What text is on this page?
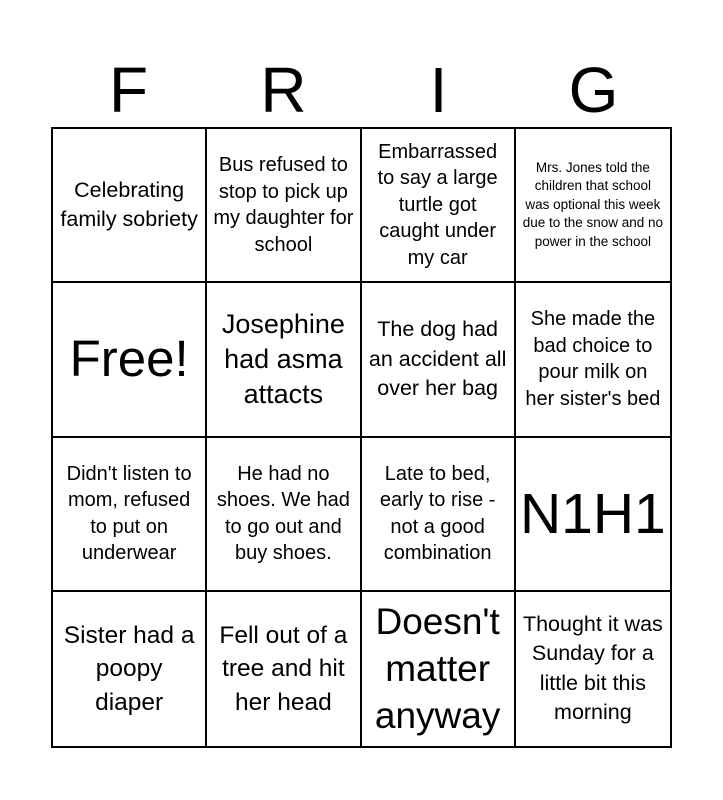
F	R	I	G
Celebrating family sobriety
Bus refused to stop to pick up my daughter for school
Embarrassed to say a large turtle got caught under my car
Mrs. Jones told the children that school was optional this week due to the snow and no power in the school
Free!
Josephine had asma attacts
The dog had an accident all over her bag
She made the bad choice to pour milk on her sister's bed
Didn't listen to mom, refused to put on underwear
He had no shoes. We had to go out and buy shoes.
Late to bed, early to rise - not a good combination
N1H1
Sister had a poopy diaper
Fell out of a tree and hit her head
Doesn't matter anyway
Thought it was Sunday for a little bit this morning
